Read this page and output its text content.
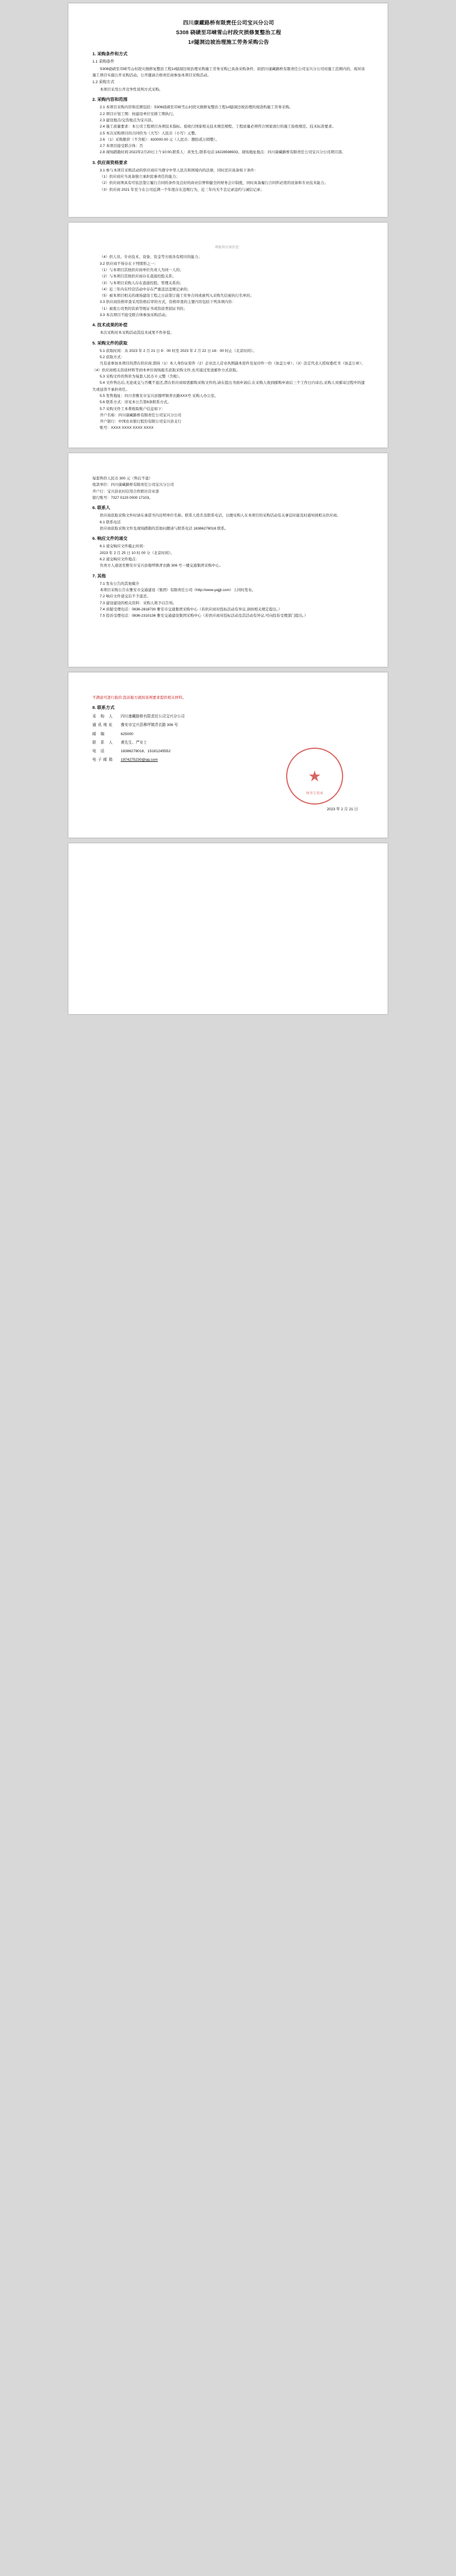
四川康藏路桥有限责任公司宝兴分公司
S308 硗碛至邛崃雪山村段灾损修复整治工程
1#隧洞边坡治理施工劳务采购公告
1. 采购条件和方式
1.1 采购条件

S308硗碛至邛崃雪山村段灾损修复整治工程1#隧洞边坡治理采购施工劳务采购已具备采购条件，拟招川康藏路桥有限责任公司宝兴分公司对施工范围内的，现对该施工项目实施公开采购活动。公开邀请合格责任商参加本项目采购活动。

1.2 采购方式

本项目采用公开竞争性谈判方式采购。

2. 采购内容和范围

2.1 本项目采购内容和范围包括：S308硗碛至邛崃雪山村段灾损修复整治工程1#隧洞边坡治理的现浇构施工劳务采购。

2.2 项目计划工期：按建设单位安排工期执行。

2.3 建设地点/交货地点为宝兴县。

2.4 施工质量要求：本公司工程项目各项技术指标、验收行国家相关技术规范规程、工程质量必须符合国家现行的施工验收规范、技术标准要求。

2.5 本次采购项目的合同价为（大写）人民币（小写）元整。

2.6 （1）采购限价（不含税）：820000.00 元（人民币：捌拾贰万圆整）。

2.7 本项目接受联合体：否

2.8 现场踏勘时间:2022年2月20日上午10:00,联系人：黄先生,联系电话:18228598933。现场地址地点：四川康藏路桥有限责任公司宝兴分公司项目部。

3. 供应商资格要求

3.1 参与本项目采购活动的供应商应当遵守中华人民共和国境内的法律，同时还应具备如下条件：

（1）供应商应当具备独立承担民事责任的能力；

（2）供应商须具有可依法签订履行合同的条件及良好的商业信誉和健全的财务会计制度，同时具备履行合同所必需的设备和专业技术能力；

（3）供应商 2021 年至今在公司近满一个年度存在违规行为，近三年内无不良记录违约与诚信记录；

填报供应商信息：

（4）供人员、专业技术、设备、资金等方面各有相应的能力；

3.2 供应商不得存在下列情形之一：

（1）与本项目其他供应商单位负责人为同一人的；

（2）与本项目其他供应商存在直接控股关系；

（3）与本项目采购人存在直接控股、管理关系的；

（4）近三年内在经营活动中存在严重违法违规记录的；

（5）被本项目相关的现场建设工程之日前签订施工劳务合同或被列入采购失信被执行名单的；

3.3 供应商资格审查采用资格后审的方式，资格审查的主要内容包括下列各项内容：

（1）被废公司类的资质等级证书或资质类别证书的；

3.3 本次项目不接受联合体参加采购活动。

4. 技术成果的补偿

本次采购对本采购活动其技术成果不作补偿。

5. 采购文件的获取

5.1 获取时间：从 2023 年 2 月 21 日 9：00 时至 2023 年 2 月 22 日 18：00 时止（北京时间）。

5.2 获取方式：

凡有意参加本项目的潜在供应商,需持（1）本人身份证原件（2）企业法人营业执照副本原件及复印件一份（加盖公章）；（3）法定代表人授权委托书（加盖公章）；（4）供应商相关资质材料等到本单位现场报名获取采购文件,也可通过发送邮件方式获取。

5.3 采购文件的售价为每套人民币 0 元整（含税）。

5.4 文件售出后,无论成交与否概不退还,潜在供应商如需邮购采购文件的,请在提出书面申请后,在采购人收到邮购申请后三个工作日内寄出,采购人对邮寄过程中的遗失或延误不承担责任。

5.5 发售地址：四川省雅安市宝兴县穆坪镇青衣路XXX号 采购人办公室。

5.6 联系方式：详见本公告第8条联系方式。

5.7 采购文件工本费收取账户信息如下：

开户名称：四川康藏路桥有限责任公司宝兴分公司

开户银行：中国农业银行股份有限公司宝兴县支行

账号：XXXX XXXX XXXX XXXX

每套售价人民币 300 元（售后不退）

收款单位：四川康藏路桥有限责任公司宝兴分公司

开户行：宝兴县农村信用合作联社营业部

银行账号：7327 0120 0000 17103。

6. 联系人

供应商获取采购文件时请在承诺书内注明单位名称、联系人姓名及联系电话，以便采购人在本项目的采购活动有关事宜时能及时通知到相关供应商。

6.1 联系电话

供应商获取采购文件及现场踏勘的其他问题请与联系电话 18386278018 联系。

6. 响应文件的递交

6.1 递交响应文件截止时间：

2023 年 2 月 25 日 10 时 00 分（北京时间）。

6.2 递交响应文件地点：

负责方人递送至雅安市宝兴县穆坪镇青衣路 306 号一楼交通集团采购中心。

7. 其他

7.1 发布公告的其他媒介

本项目采购公告在雅安市交通建设（集团）有限责任公司（http://www.yajjjt.com）上同时发布。

7.2 响应文件递交后不予退还。

7.3 建设建设的相关资料：采购人将予以告知。

7.4 质疑受理电话：0836-2818730 雅安市交通集团采购中心（若供应商对投标活动有异议,请按相关规定提出。）

7.5 投诉受理电话：0836-2310136 雅安交通建设集团采购中心（若供应商对投标活动及其活动有异议,可向投诉受理部门提出。）

不满意可进行报价,投诉报方就按谈判要求提供相关材料。

8. 联系方式

采 购 人 四川康藏路桥有限责任公司宝兴分公司

通讯地址 雅安市宝兴县穆坪镇青衣路 306 号

邮 编	625000

联 系 人 黄先生、严女士

电 话	18386278018、15181245552

电子邮箱 1974275230@qq.com

★
财务专用章
2023 年 2 月 21 日
